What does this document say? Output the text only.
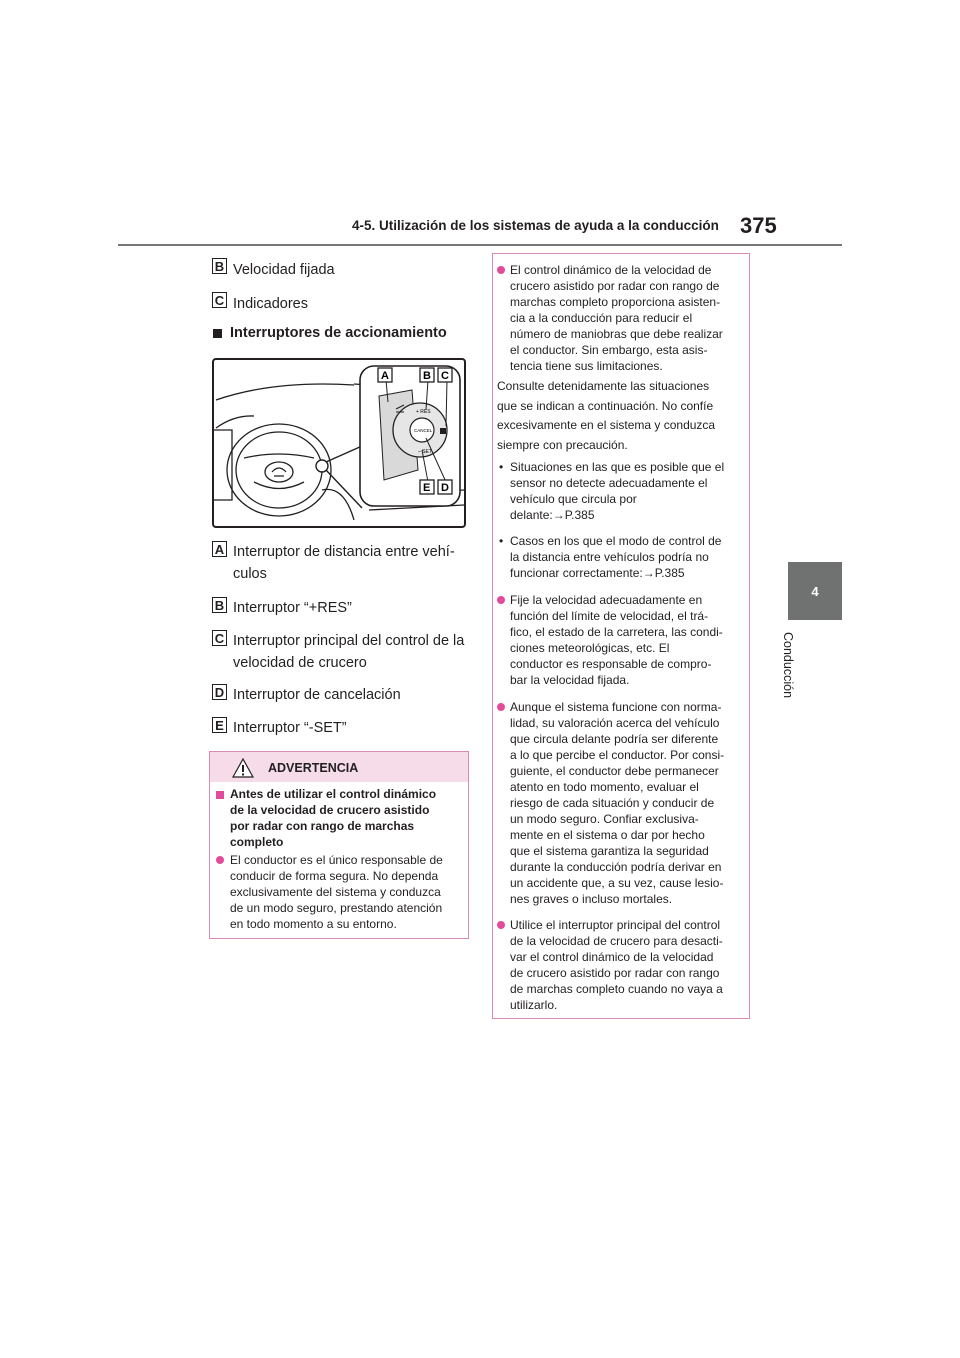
4-5. Utilización de los sistemas de ayuda a la conducción 375
4
Conducción
B Velocidad fijada
C Indicadores
Interruptores de accionamiento
CANCEL
+ RES
– SET
A	B C
E D
A Interruptor de distancia entre vehí-
culos
B Interruptor “+RES”
C Interruptor principal del control de la
velocidad de crucero
D Interruptor de cancelación
E Interruptor “-SET”
ADVERTENCIA
Antes de utilizar el control dinámico
de la velocidad de crucero asistido
por radar con rango de marchas
completo
El conductor es el único responsable de
conducir de forma segura. No dependa
exclusivamente del sistema y conduzca
de un modo seguro, prestando atención
en todo momento a su entorno.
El control dinámico de la velocidad de
crucero asistido por radar con rango de
marchas completo proporciona asisten-
cia a la conducción para reducir el
número de maniobras que debe realizar
el conductor. Sin embargo, esta asis-
tencia tiene sus limitaciones.
Consulte detenidamente las situaciones
que se indican a continuación. No confíe
excesivamente en el sistema y conduzca
siempre con precaución.
• Situaciones en las que es posible que el
sensor no detecte adecuadamente el
vehículo que circula por
delante:→P.385
• Casos en los que el modo de control de
la distancia entre vehículos podría no
funcionar correctamente:→P.385
Fije la velocidad adecuadamente en
función del límite de velocidad, el trá-
fico, el estado de la carretera, las condi-
ciones meteorológicas, etc. El
conductor es responsable de compro-
bar la velocidad fijada.
Aunque el sistema funcione con norma-
lidad, su valoración acerca del vehículo
que circula delante podría ser diferente
a lo que percibe el conductor. Por consi-
guiente, el conductor debe permanecer
atento en todo momento, evaluar el
riesgo de cada situación y conducir de
un modo seguro. Confiar exclusiva-
mente en el sistema o dar por hecho
que el sistema garantiza la seguridad
durante la conducción podría derivar en
un accidente que, a su vez, cause lesio-
nes graves o incluso mortales.
Utilice el interruptor principal del control
de la velocidad de crucero para desacti-
var el control dinámico de la velocidad
de crucero asistido por radar con rango
de marchas completo cuando no vaya a
utilizarlo.
